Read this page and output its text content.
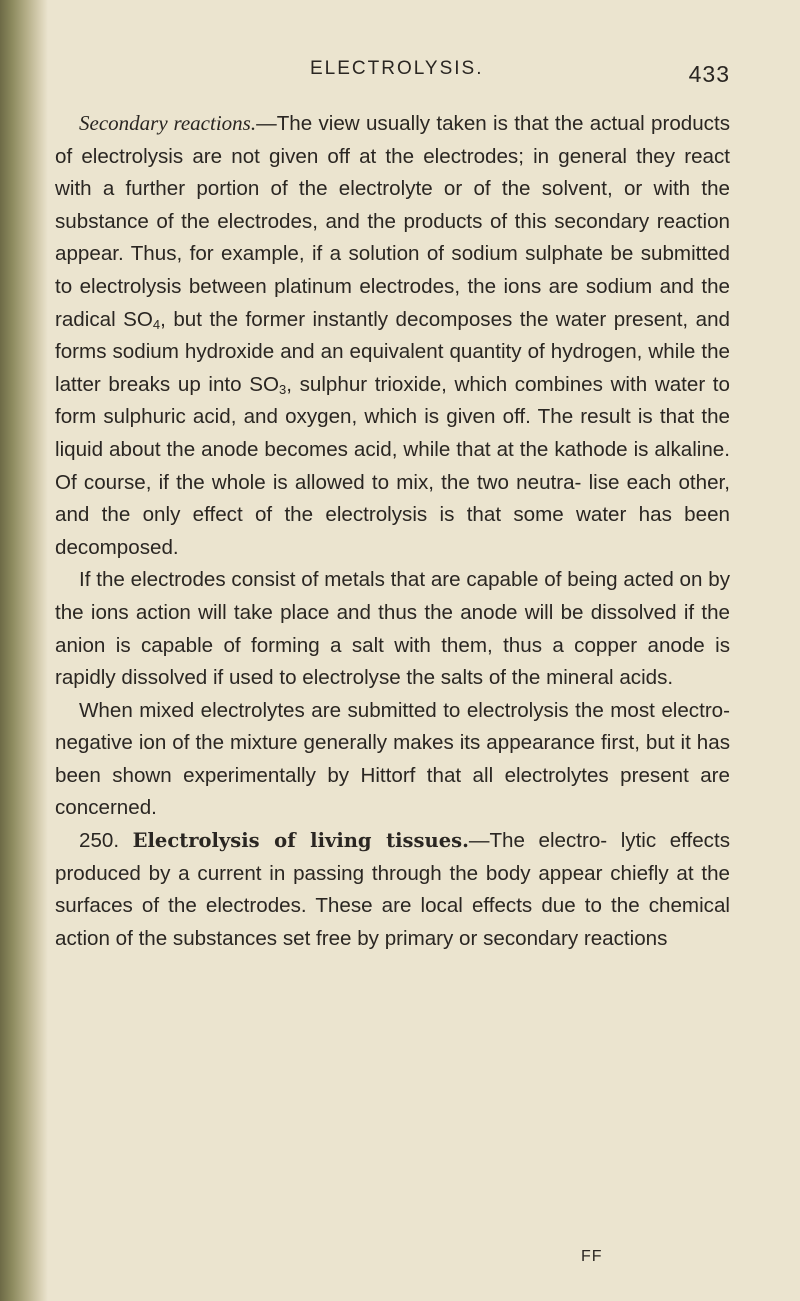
ELECTROLYSIS.	433

Secondary reactions.—The view usually taken is that the actual products of electrolysis are not given off at the electrodes; in general they react with a further portion of the electrolyte or of the solvent, or with the substance of the electrodes, and the products of this secondary reaction appear. Thus, for example, if a solution of sodium sulphate be submitted to electrolysis between platinum electrodes, the ions are sodium and the radical $SO_4$, but the former instantly decomposes the water present, and forms sodium hydroxide and an equivalent quantity of hydrogen, while the latter breaks up into $SO_3$, sulphur trioxide, which combines with water to form sulphuric acid, and oxygen, which is given off. The result is that the liquid about the anode becomes acid, while that at the kathode is alkaline. Of course, if the whole is allowed to mix, the two neutra- lise each other, and the only effect of the electrolysis is that some water has been decomposed.

If the electrodes consist of metals that are capable of being acted on by the ions action will take place and thus the anode will be dissolved if the anion is capable of forming a salt with them, thus a copper anode is rapidly dissolved if used to electrolyse the salts of the mineral acids.

When mixed electrolytes are submitted to electrolysis the most electro-negative ion of the mixture generally makes its appearance first, but it has been shown experimentally by Hittorf that all electrolytes present are concerned.

250. Electrolysis of living tissues.—The electro- lytic effects produced by a current in passing through the body appear chiefly at the surfaces of the electrodes. These are local effects due to the chemical action of the substances set free by primary or secondary reactions

FF
